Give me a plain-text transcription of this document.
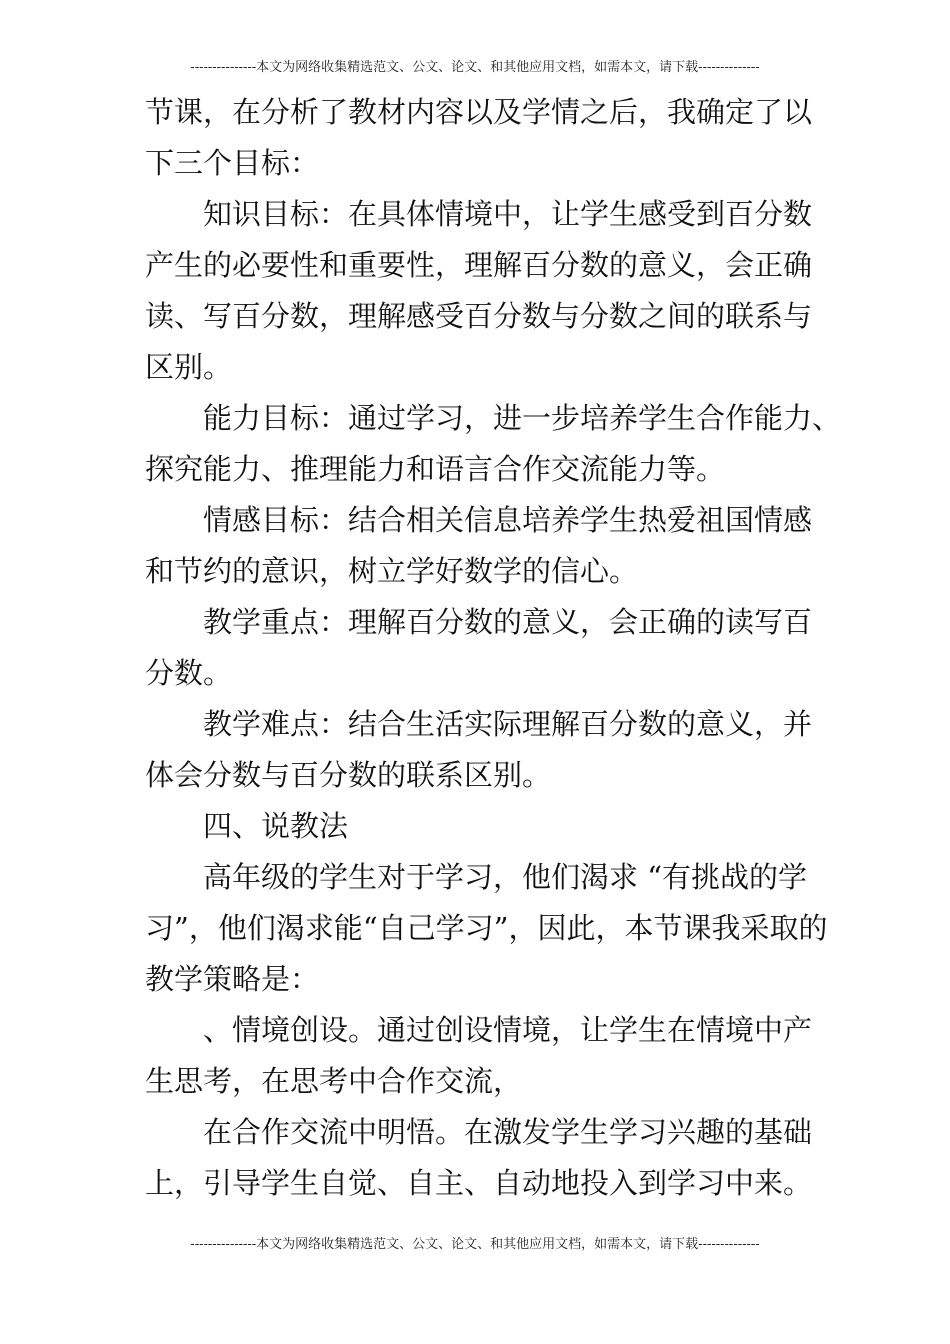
---------------本文为网络收集精选范文、公文、论文、和其他应用文档，如需本文，请下载--------------
节课，在分析了教材内容以及学情之后，我确定了以
下三个目标：
知识目标：在具体情境中，让学生感受到百分数
产生的必要性和重要性，理解百分数的意义，会正确
读、写百分数，理解感受百分数与分数之间的联系与
区别。
能力目标：通过学习，进一步培养学生合作能力、
探究能力、推理能力和语言合作交流能力等。
情感目标：结合相关信息培养学生热爱祖国情感
和节约的意识，树立学好数学的信心。
教学重点：理解百分数的意义，会正确的读写百
分数。
教学难点：结合生活实际理解百分数的意义，并
体会分数与百分数的联系区别。
四、说教法
高年级的学生对于学习，他们渴求 “有挑战的学
习”，他们渴求能“自己学习”，因此，本节课我采取的
教学策略是：
、情境创设。通过创设情境，让学生在情境中产
生思考，在思考中合作交流，
在合作交流中明悟。在激发学生学习兴趣的基础
上，引导学生自觉、自主、自动地投入到学习中来。
---------------本文为网络收集精选范文、公文、论文、和其他应用文档，如需本文，请下载--------------
